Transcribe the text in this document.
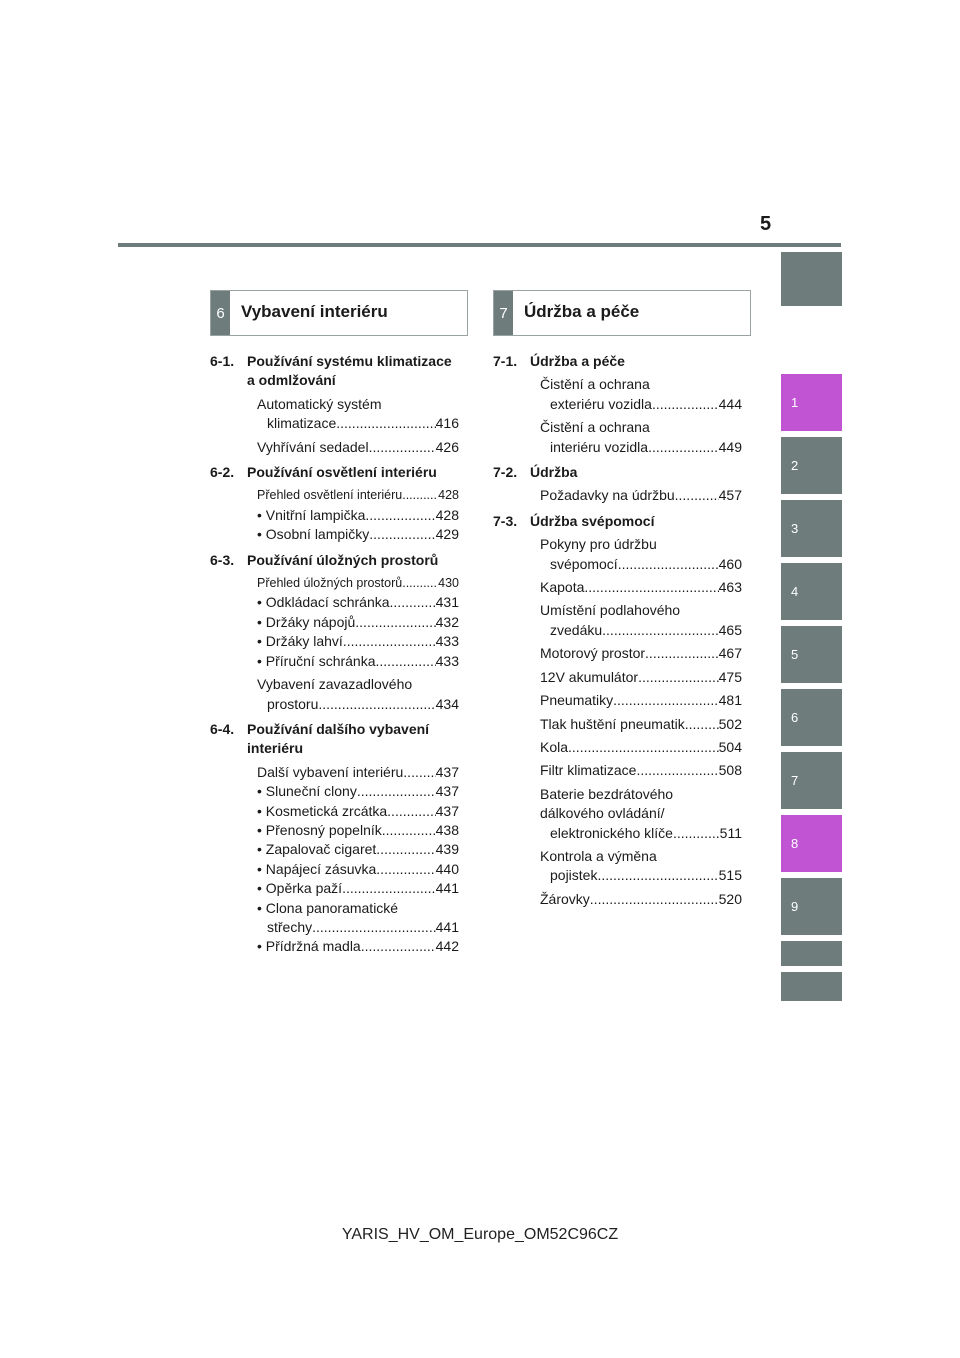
5
1
2
3
4
5
6
7
8
9
6 Vybavení interiéru	7 Údržba a péče
6-1. Používání systému klimatizace
a odmlžování
Automatický systém
klimatizace .....	416
Vyhřívání sedadel .....	426
6-2. Používání osvětlení interiéru
Přehled osvětlení interiéru .....	428
• Vnitřní lampička .....	428
• Osobní lampičky .....	429
6-3. Používání úložných prostorů
Přehled úložných prostorů .....	430
• Odkládací schránka .....	431
• Držáky nápojů .....	432
• Držáky lahví .....	433
• Příruční schránka .....	433
Vybavení zavazadlového
prostoru .....	434
6-4. Používání dalšího vybavení
interiéru
Další vybavení interiéru ..... 437
• Sluneční clony .....	437
• Kosmetická zrcátka .....	437
• Přenosný popelník .....	438
• Zapalovač cigaret .....	439
• Napájecí zásuvka .....	440
• Opěrka paží .....	441
• Clona panoramatické
střechy .....	441
• Přídržná madla .....	442
7-1. Údržba a péče
Čistění a ochrana
exteriéru vozidla .....	444
Čistění a ochrana
interiéru vozidla .....	449
7-2. Údržba
Požadavky na údržbu .....	457
7-3. Údržba svépomocí
Pokyny pro údržbu
svépomocí .....	460
Kapota .....	463
Umístění podlahového
zvedáku .....	465
Motorový prostor .....	467
12V akumulátor .....	475
Pneumatiky .....	481
Tlak huštění pneumatik ..... 502
Kola .....	504
Filtr klimatizace .....	508
Baterie bezdrátového
dálkového ovládání/
elektronického klíče .....	511
Kontrola a výměna
pojistek .....	515
Žárovky .....	520
YARIS_HV_OM_Europe_OM52C96CZ
